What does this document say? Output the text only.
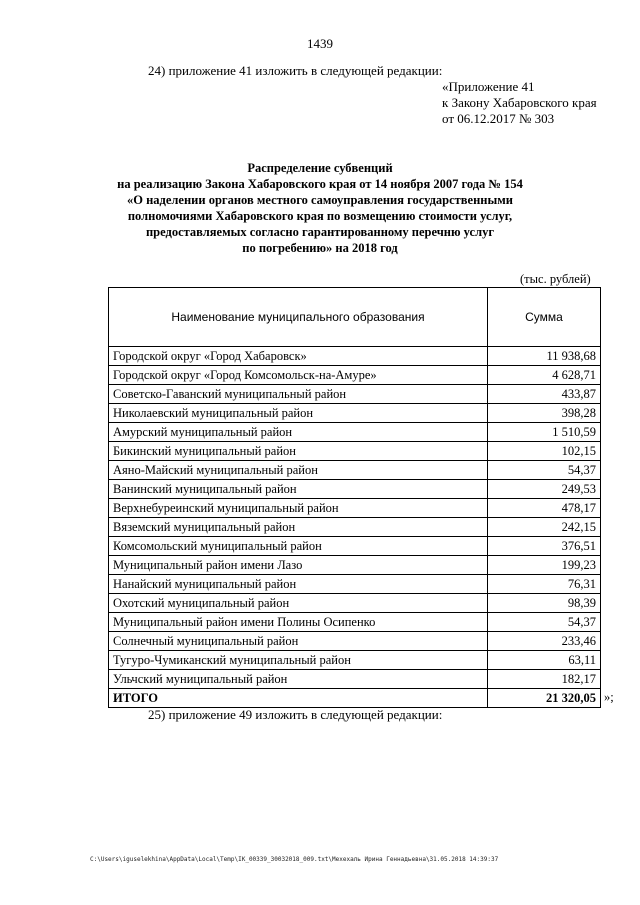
1439
24) приложение 41 изложить в следующей редакции:
«Приложение 41
к Закону Хабаровского края
от 06.12.2017 № 303
Распределение субвенций
на реализацию Закона Хабаровского края от 14 ноября 2007 года № 154
«О наделении органов местного самоуправления государственными
полномочиями Хабаровского края по возмещению стоимости услуг,
предоставляемых согласно гарантированному перечню услуг
по погребению» на 2018 год
(тыс. рублей)
Наименование муниципального образования	Сумма
Городской округ «Город Хабаровск»	11 938,68
Городской округ «Город Комсомольск-на-Амуре»	4 628,71
Советско-Гаванский муниципальный район	433,87
Николаевский муниципальный район	398,28
Амурский муниципальный район	1 510,59
Бикинский муниципальный район	102,15
Аяно-Майский муниципальный район	54,37
Ванинский муниципальный район	249,53
Верхнебуреинский муниципальный район	478,17
Вяземский муниципальный район	242,15
Комсомольский муниципальный район	376,51
Муниципальный район имени Лазо	199,23
Нанайский муниципальный район	76,31
Охотский муниципальный район	98,39
Муниципальный район имени Полины Осипенко	54,37
Солнечный муниципальный район	233,46
Тугуро-Чумиканский муниципальный район	63,11
Ульчский муниципальный район	182,17
ИТОГО	21 320,05 »;
25) приложение 49 изложить в следующей редакции:
C:\Users\iguselekhina\AppData\Local\Temp\IK_00339_30032018_009.txt\Мехехаль Ирина Геннадьевна\31.05.2018 14:39:37
